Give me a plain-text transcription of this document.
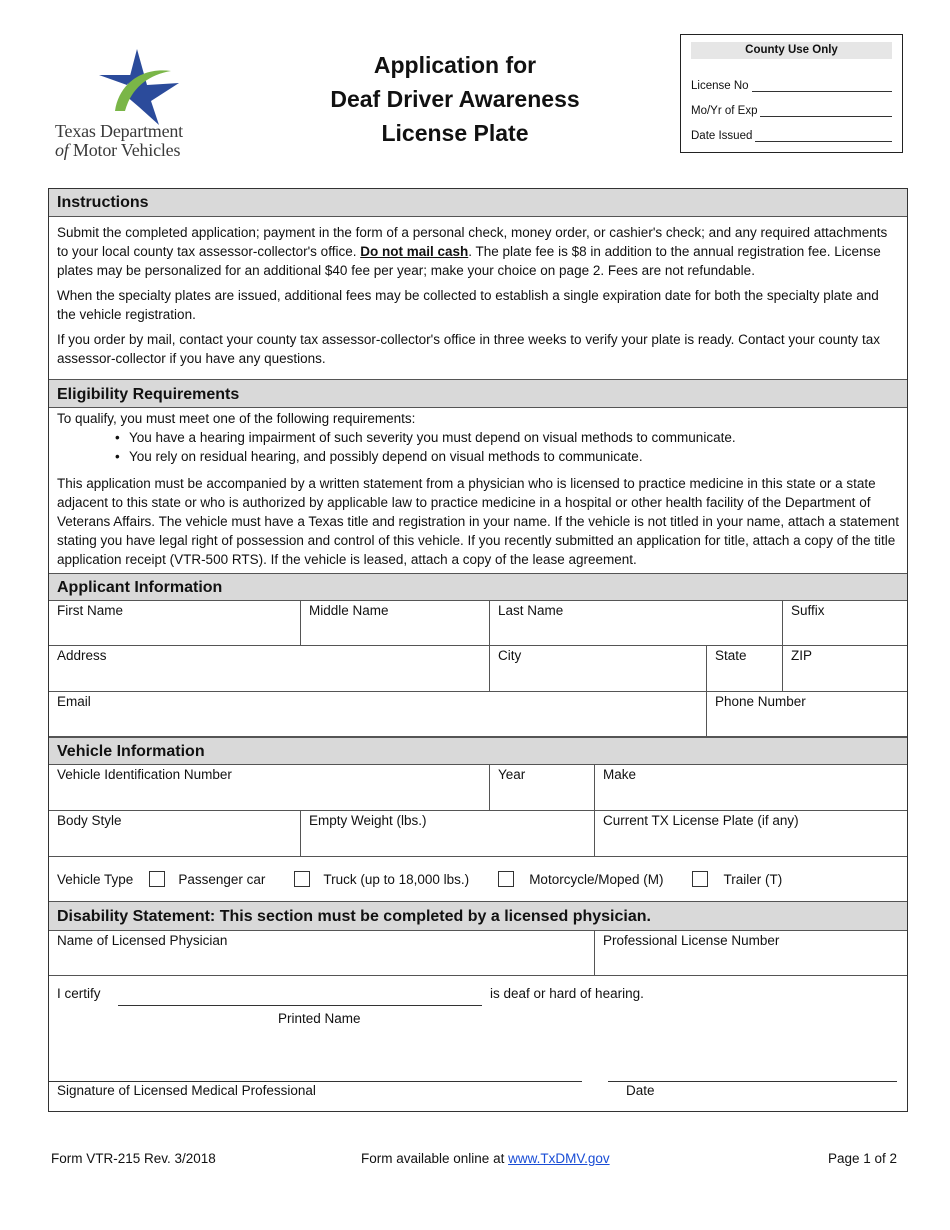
Texas Department
of Motor Vehicles
Application for
Deaf Driver Awareness
License Plate
County Use Only
License No
Mo/Yr of Exp
Date Issued
Instructions

Submit the completed application; payment in the form of a personal check, money order, or cashier's check; and any required attachments to your local county tax assessor-collector's office. Do not mail cash. The plate fee is $8 in addition to the annual registration fee. License plates may be personalized for an additional $40 fee per year; make your choice on page 2. Fees are not refundable.

When the specialty plates are issued, additional fees may be collected to establish a single expiration date for both the specialty plate and the vehicle registration.

If you order by mail, contact your county tax assessor-collector's office in three weeks to verify your plate is ready. Contact your county tax assessor-collector if you have any questions.

Eligibility Requirements
To qualify, you must meet one of the following requirements:
• You have a hearing impairment of such severity you must depend on visual methods to communicate.
• You rely on residual hearing, and possibly depend on visual methods to communicate.
This application must be accompanied by a written statement from a physician who is licensed to practice medicine in this state or a state adjacent to this state or who is authorized by applicable law to practice medicine in a hospital or other health facility of the Department of Veterans Affairs. The vehicle must have a Texas title and registration in your name. If the vehicle is not titled in your name, attach a statement stating you have legal right of possession and control of this vehicle. If you recently submitted an application for title, attach a copy of the title application receipt (VTR-500 RTS). If the vehicle is leased, attach a copy of the lease agreement.
Applicant Information
First Name	Middle Name	Last Name	Suffix
Address	City	State	ZIP
Email	Phone Number
Vehicle Information
Vehicle Identification Number	Year	Make
Body Style	Empty Weight (lbs.)	Current TX License Plate (if any)
Vehicle Type	Passenger car	Truck (up to 18,000 lbs.)	Motorcycle/Moped (M)	Trailer (T)
Disability Statement: This section must be completed by a licensed physician.
Name of Licensed Physician	Professional License Number
I certify	is deaf or hard of hearing.
Printed Name
Signature of Licensed Medical Professional	Date
Form VTR-215 Rev. 3/2018	Form available online at www.TxDMV.gov	Page 1 of 2
